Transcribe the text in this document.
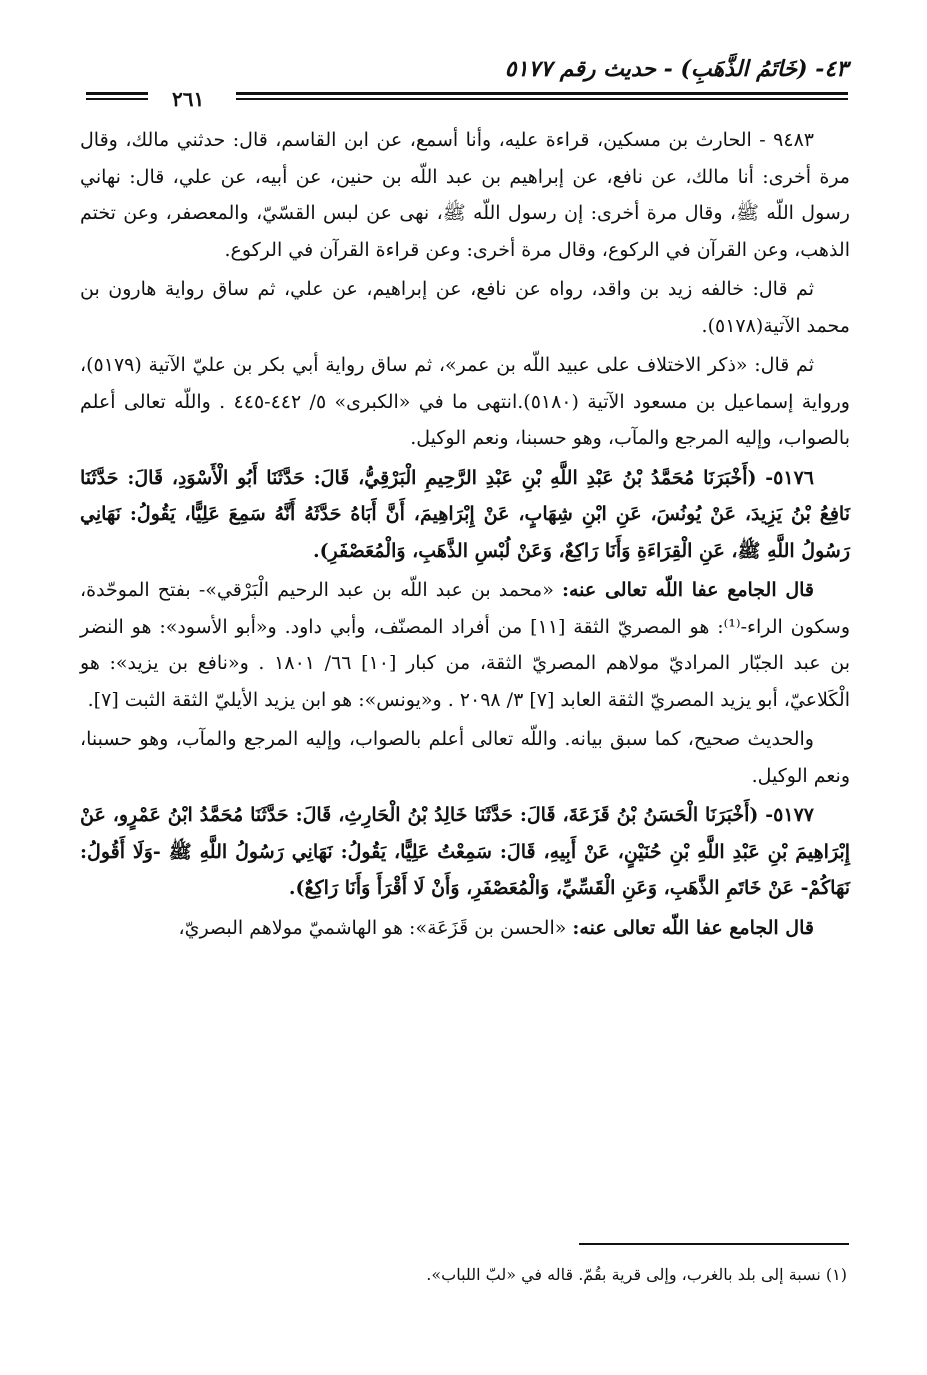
٤٣- (خَاتَمُ الذَّهَبِ) - حديث رقم ٥١٧٧
٢٦١

٩٤٨٣ - الحارث بن مسكين، قراءة عليه، وأنا أسمع، عن ابن القاسم، قال: حدثني مالك، وقال مرة أخرى: أنا مالك، عن نافع، عن إبراهيم بن عبد اللّه بن حنين، عن أبيه، عن علي، قال: نهاني رسول اللّه ﷺ، وقال مرة أخرى: إن رسول اللّه ﷺ، نهى عن لبس القسّيّ، والمعصفر، وعن تختم الذهب، وعن القرآن في الركوع، وقال مرة أخرى: وعن قراءة القرآن في الركوع.

ثم قال: خالفه زيد بن واقد، رواه عن نافع، عن إبراهيم، عن علي، ثم ساق رواية هارون بن محمد الآتية(٥١٧٨).

ثم قال: «ذكر الاختلاف على عبيد اللّه بن عمر»، ثم ساق رواية أبي بكر بن عليّ الآتية (٥١٧٩)، ورواية إسماعيل بن مسعود الآتية (٥١٨٠).انتهى ما في «الكبرى» ٥/ ٤٤٢-٤٤٥ . واللّه تعالى أعلم بالصواب، وإليه المرجع والمآب، وهو حسبنا، ونعم الوكيل.

٥١٧٦- (أَخْبَرَنَا مُحَمَّدُ بْنُ عَبْدِ اللَّهِ بْنِ عَبْدِ الرَّحِيمِ الْبَرْقِيُّ، قَالَ: حَدَّثَنَا أَبُو الْأَسْوَدِ، قَالَ: حَدَّثَنَا نَافِعُ بْنُ يَزِيدَ، عَنْ يُونُسَ، عَنِ ابْنِ شِهَابٍ، عَنْ إِبْرَاهِيمَ، أَنَّ أَبَاهُ حَدَّثَهُ أَنَّهُ سَمِعَ عَلِيًّا، يَقُولُ: نَهَانِي رَسُولُ اللَّهِ ﷺ، عَنِ الْقِرَاءَةِ وَأَنَا رَاكِعٌ، وَعَنْ لُبْسِ الذَّهَبِ، وَالْمُعَصْفَرِ).

قال الجامع عفا اللّه تعالى عنه: «محمد بن عبد اللّه بن عبد الرحيم الْبَرْقي»- بفتح الموحّدة، وسكون الراء-⁽¹⁾: هو المصريّ الثقة [١١] من أفراد المصنّف، وأبي داود. و«أبو الأسود»: هو النضر بن عبد الجبّار المراديّ مولاهم المصريّ الثقة، من كبار [١٠] ٦٦/ ١٨٠١ . و«نافع بن يزيد»: هو الْكَلاعيّ، أبو يزيد المصريّ الثقة العابد [٧] ٣/ ٢٠٩٨ . و«يونس»: هو ابن يزيد الأيليّ الثقة الثبت [٧].

والحديث صحيح، كما سبق بيانه. واللّه تعالى أعلم بالصواب، وإليه المرجع والمآب، وهو حسبنا، ونعم الوكيل.

٥١٧٧- (أَخْبَرَنَا الْحَسَنُ بْنُ قَزَعَةَ، قَالَ: حَدَّثَنَا خَالِدُ بْنُ الْحَارِثِ، قَالَ: حَدَّثَنَا مُحَمَّدُ ابْنُ عَمْرٍو، عَنْ إِبْرَاهِيمَ بْنِ عَبْدِ اللَّهِ بْنِ حُنَيْنٍ، عَنْ أَبِيهِ، قَالَ: سَمِعْتُ عَلِيًّا، يَقُولُ: نَهَانِي رَسُولُ اللَّهِ ﷺ -وَلَا أَقُولُ: نَهَاكُمْ- عَنْ خَاتَمِ الذَّهَبِ، وَعَنِ الْقَسِّيِّ، وَالْمُعَصْفَرِ، وَأَنْ لَا أَقْرَأَ وَأَنَا رَاكِعٌ).

قال الجامع عفا اللّه تعالى عنه: «الحسن بن قَزَعَة»: هو الهاشميّ مولاهم البصريّ،

(١) نسبة إلى بلد بالغرب، وإلى قرية بقُمّ. قاله في «لبّ اللباب».
